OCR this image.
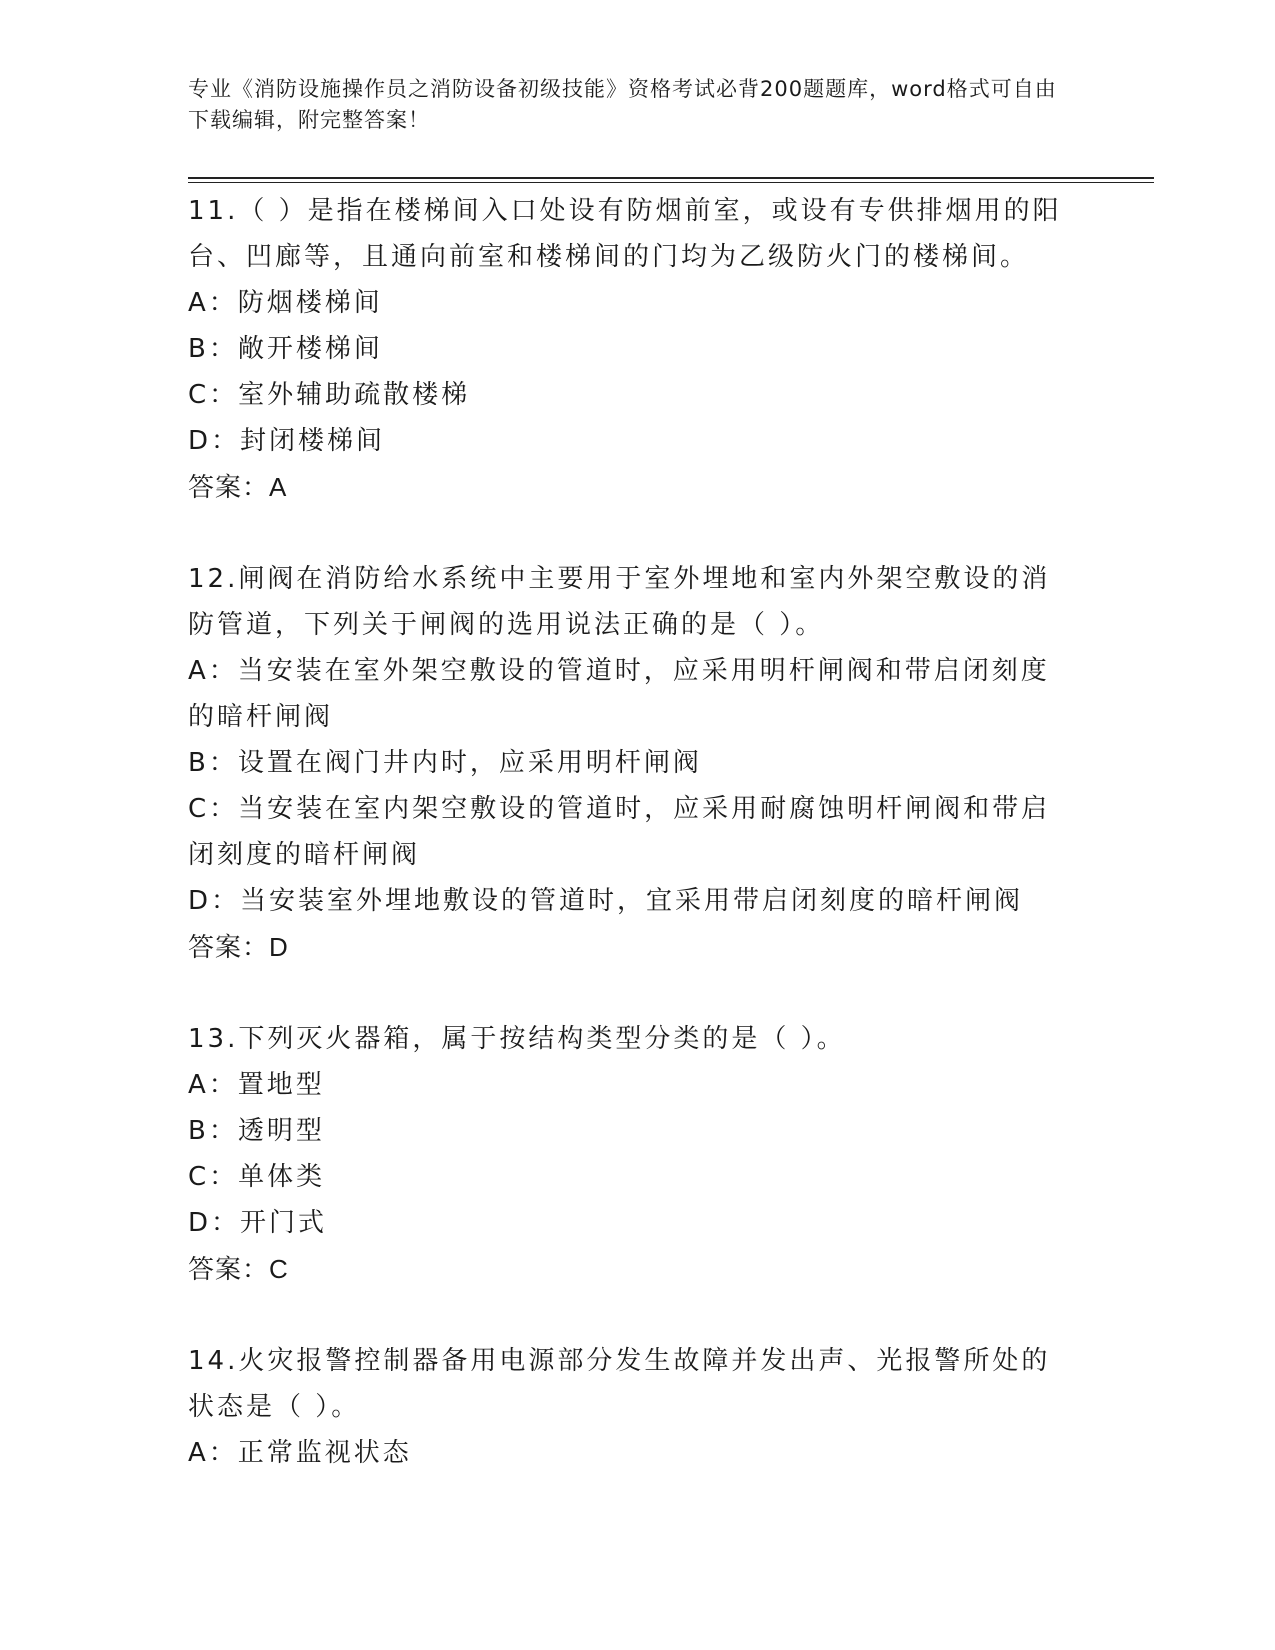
专业《消防设施操作员之消防设备初级技能》资格考试必背200题题库，word格式可自由下载编辑，附完整答案！

11.（ ）是指在楼梯间入口处设有防烟前室，或设有专供排烟用的阳台、凹廊等，且通向前室和楼梯间的门均为乙级防火门的楼梯间。

A：防烟楼梯间

B：敞开楼梯间

C：室外辅助疏散楼梯

D：封闭楼梯间

答案：A

12.闸阀在消防给水系统中主要用于室外埋地和室内外架空敷设的消防管道，下列关于闸阀的选用说法正确的是（ ）。

A：当安装在室外架空敷设的管道时，应采用明杆闸阀和带启闭刻度的暗杆闸阀

B：设置在阀门井内时，应采用明杆闸阀

C：当安装在室内架空敷设的管道时，应采用耐腐蚀明杆闸阀和带启闭刻度的暗杆闸阀

D：当安装室外埋地敷设的管道时，宜采用带启闭刻度的暗杆闸阀

答案：D

13.下列灭火器箱，属于按结构类型分类的是（ ）。

A：置地型

B：透明型

C：单体类

D：开门式

答案：C

14.火灾报警控制器备用电源部分发生故障并发出声、光报警所处的状态是（ ）。

A：正常监视状态
